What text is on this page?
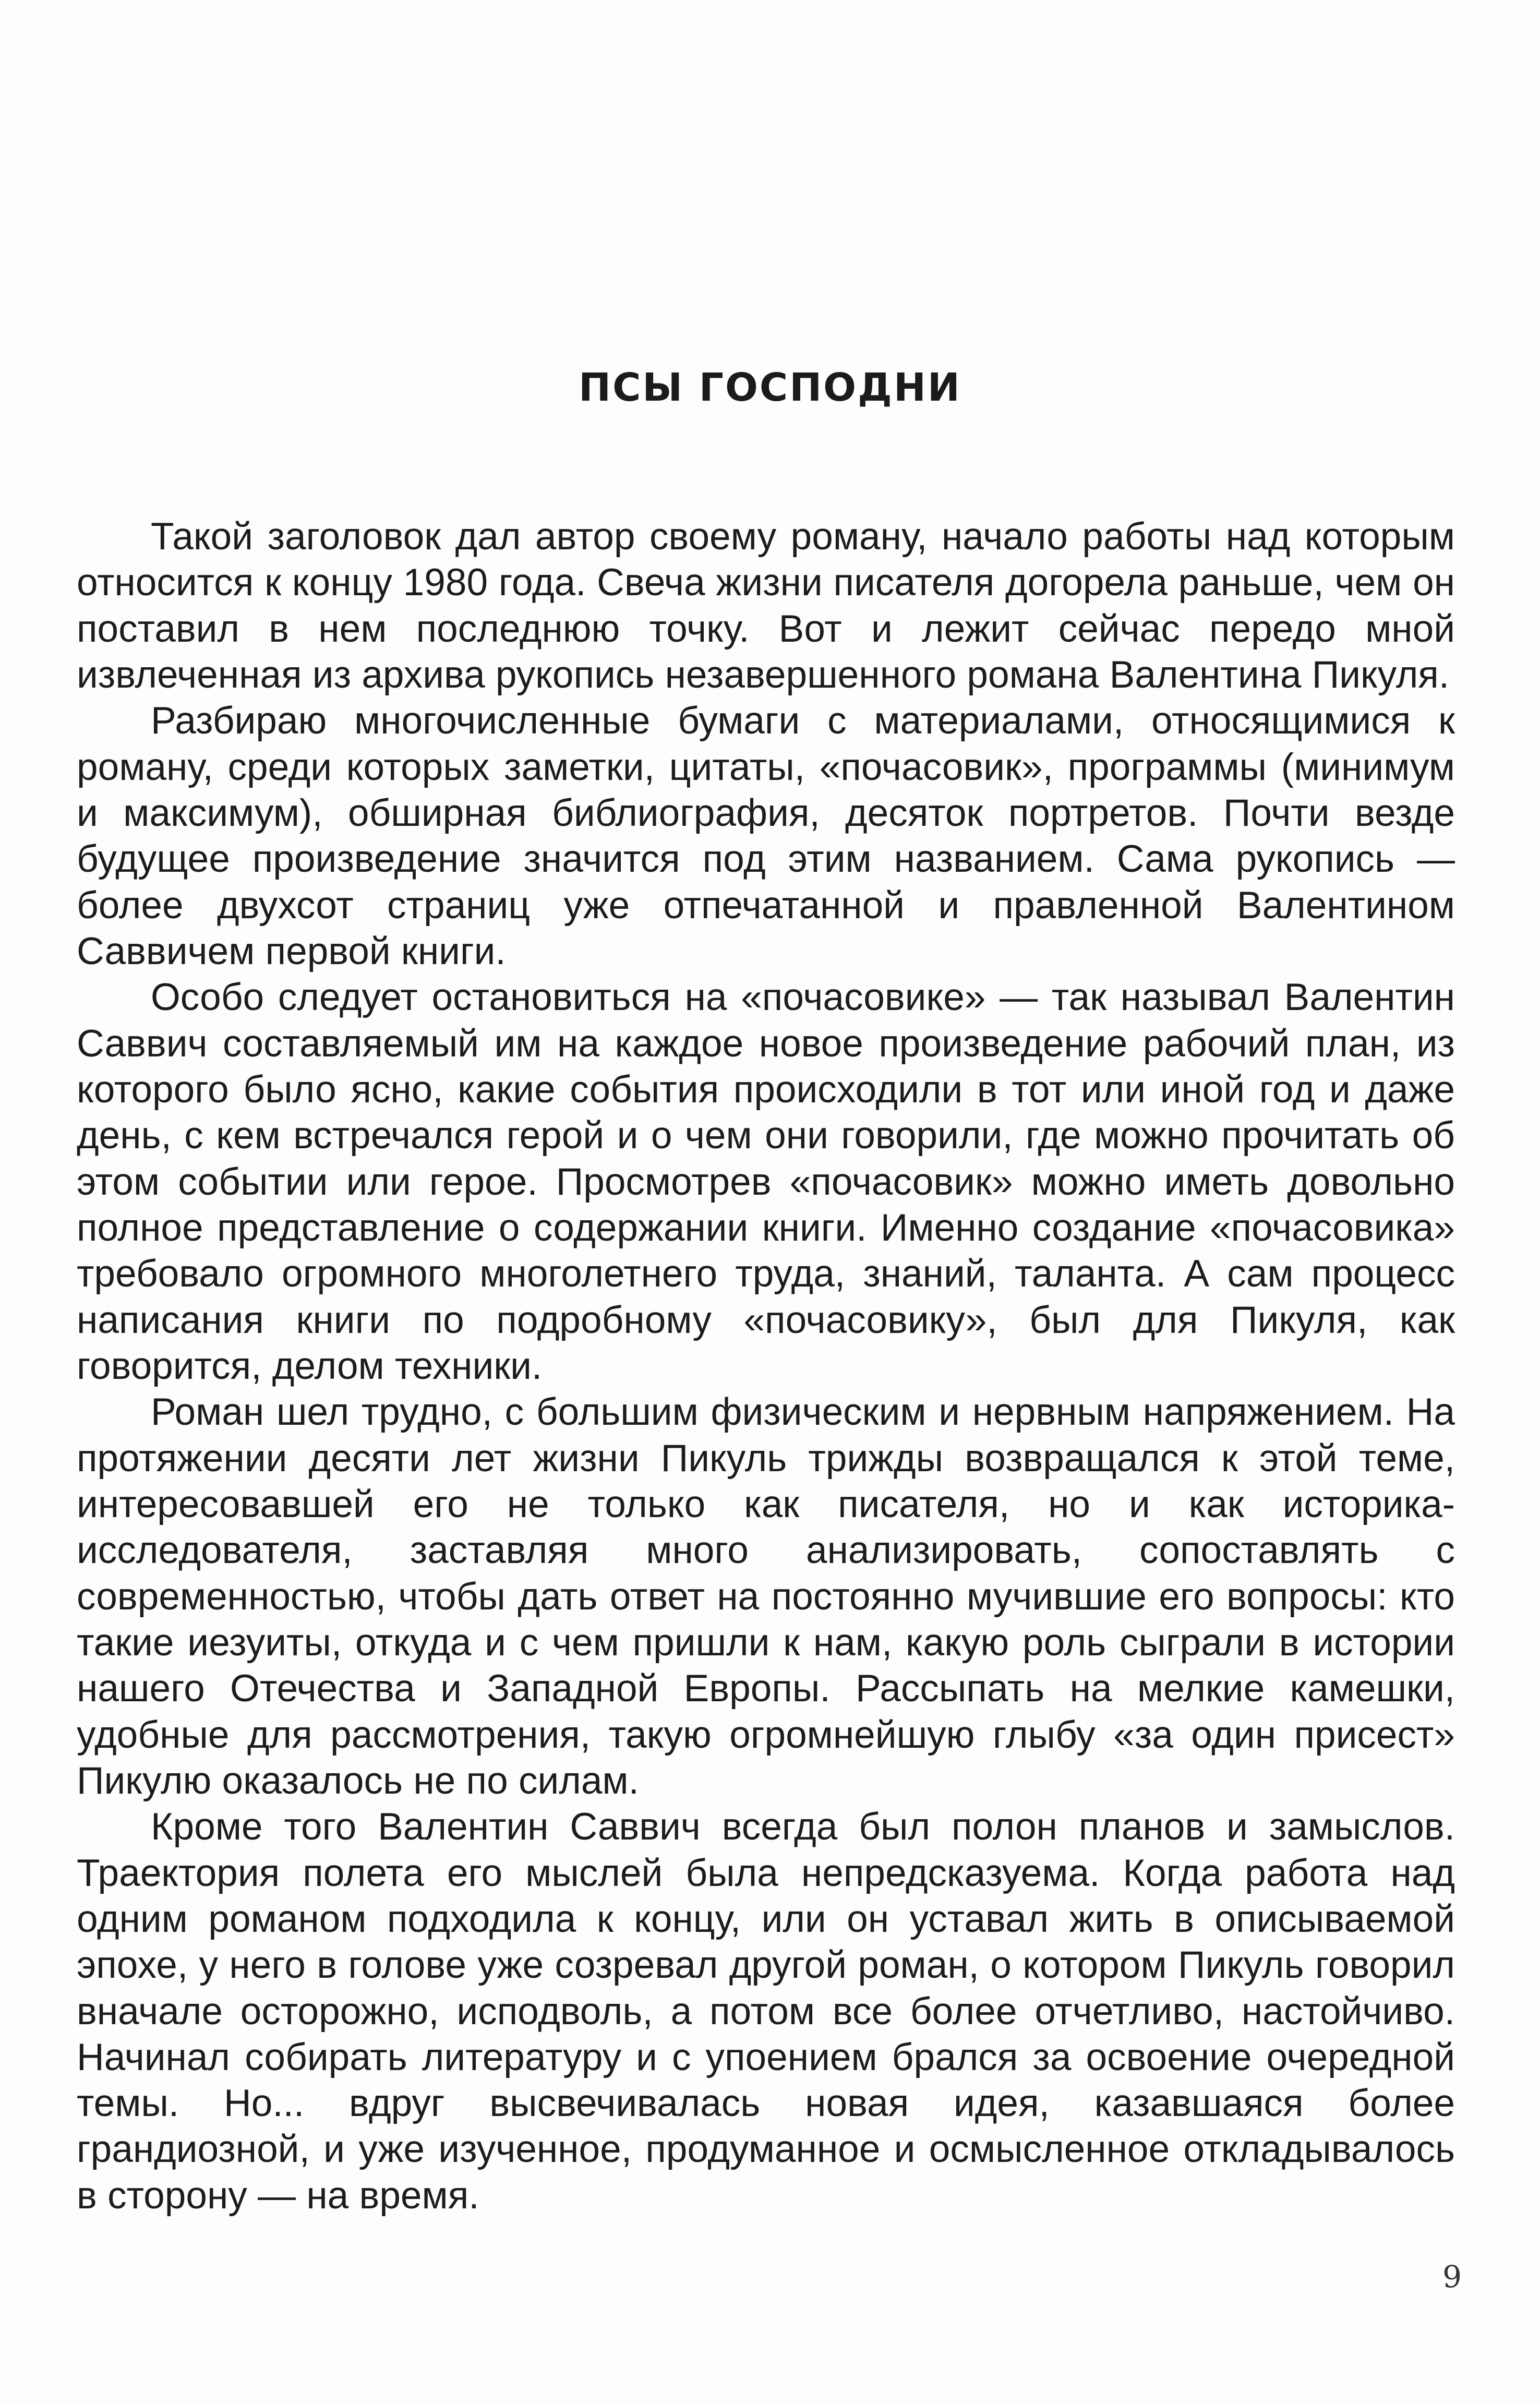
ПСЫ ГОСПОДНИ

Такой заголовок дал автор своему роману, начало работы над которым относится к концу 1980 года. Свеча жизни писателя догорела раньше, чем он поставил в нем последнюю точку. Вот и лежит сейчас передо мной извлеченная из архива рукопись незавершенного романа Валентина Пикуля.

Разбираю многочисленные бумаги с материалами, относящимися к роману, среди которых заметки, цитаты, «почасовик», программы (минимум и максимум), обширная библиография, десяток портретов. Почти везде будущее произведение значится под этим названием. Сама рукопись — более двухсот страниц уже отпечатанной и правленной Валентином Саввичем первой книги.

Особо следует остановиться на «почасовике» — так называл Валентин Саввич составляемый им на каждое новое произведение рабочий план, из которого было ясно, какие события происходили в тот или иной год и даже день, с кем встречался герой и о чем они говорили, где можно прочитать об этом событии или герое. Просмотрев «почасовик» можно иметь довольно полное представление о содержании книги. Именно создание «почасовика» требовало огромного многолетнего труда, знаний, таланта. А сам процесс написания книги по подробному «почасовику», был для Пикуля, как говорится, делом техники.

Роман шел трудно, с большим физическим и нервным напряжением. На протяжении десяти лет жизни Пикуль трижды возвращался к этой теме, интересовавшей его не только как писателя, но и как историка-исследователя, заставляя много анализировать, сопоставлять с современностью, чтобы дать ответ на постоянно мучившие его вопросы: кто такие иезуиты, откуда и с чем пришли к нам, какую роль сыграли в истории нашего Отечества и Западной Европы. Рассыпать на мелкие камешки, удобные для рассмотрения, такую огромнейшую глыбу «за один присест» Пикулю оказалось не по силам.

Кроме того Валентин Саввич всегда был полон планов и замыслов. Траектория полета его мыслей была непредсказуема. Когда работа над одним романом подходила к концу, или он уставал жить в описываемой эпохе, у него в голове уже созревал другой роман, о котором Пикуль говорил вначале осторожно, исподволь, а потом все более отчетливо, настойчиво. Начинал собирать литературу и с упоением брался за освоение очередной темы. Но... вдруг высвечивалась новая идея, казавшаяся более грандиозной, и уже изученное, продуманное и осмысленное откладывалось в сторону — на время.

9
